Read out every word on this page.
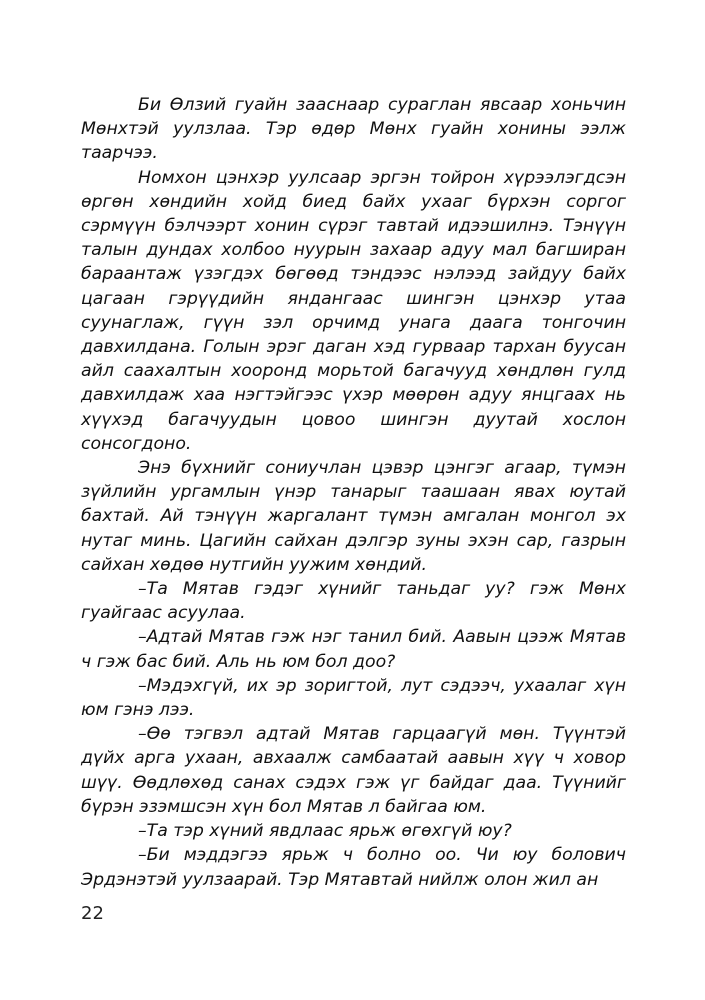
Би Өлзий гуайн зааснаар сураглан явсаар хоньчин Мөнхтэй уулзлаа. Тэр өдөр Мөнх гуайн хонины ээлж таарчээ.

Номхон цэнхэр уулсаар эргэн тойрон хүрээлэгдсэн өргөн хөндийн хойд биед байх ухааг бүрхэн соргог сэрмүүн бэлчээрт хонин сүрэг тавтай идээшилнэ. Тэнүүн талын дундах холбоо нуурын захаар адуу мал багширан бараантаж үзэгдэх бөгөөд тэндээс нэлээд зайдуу байх цагаан гэрүүдийн яндангаас шингэн цэнхэр утаа суунаглаж, гүүн зэл орчимд унага даага тонгочин давхилдана. Голын эрэг даган хэд гурваар тархан буусан айл саахалтын хооронд морьтой багачууд хөндлөн гулд давхилдаж хаа нэгтэйгээс үхэр мөөрөн адуу янцгаах нь хүүхэд багачуудын цовоо шингэн дуутай хослон сонсогдоно.

Энэ бүхнийг сониучлан цэвэр цэнгэг агаар, түмэн зүйлийн ургамлын үнэр танарыг таашаан явах юутай бахтай. Ай тэнүүн жаргалант түмэн амгалан монгол эх нутаг минь. Цагийн сайхан дэлгэр зуны эхэн сар, газрын сайхан хөдөө нутгийн уужим хөндий.

–Та Мятав гэдэг хүнийг таньдаг уу? гэж Мөнх гуайгаас асуулаа.

–Адтай Мятав гэж нэг танил бий. Аавын цээж Мятав ч гэж бас бий. Аль нь юм бол доо?

–Мэдэхгүй, их эр зоригтой, лут сэдээч, ухаалаг хүн юм гэнэ лээ.

–Өө тэгвэл адтай Мятав гарцаагүй мөн. Түүнтэй дүйх арга ухаан, авхаалж самбаатай аавын хүү ч ховор шүү. Өөдлөхөд санах сэдэх гэж үг байдаг даа. Түүнийг бүрэн эзэмшсэн хүн бол Мятав л байгаа юм.

–Та тэр хүний явдлаас ярьж өгөхгүй юу?

–Би мэддэгээ ярьж ч болно оо. Чи юу болович Эрдэнэтэй уулзаарай. Тэр Мятавтай нийлж олон жил ан

22
